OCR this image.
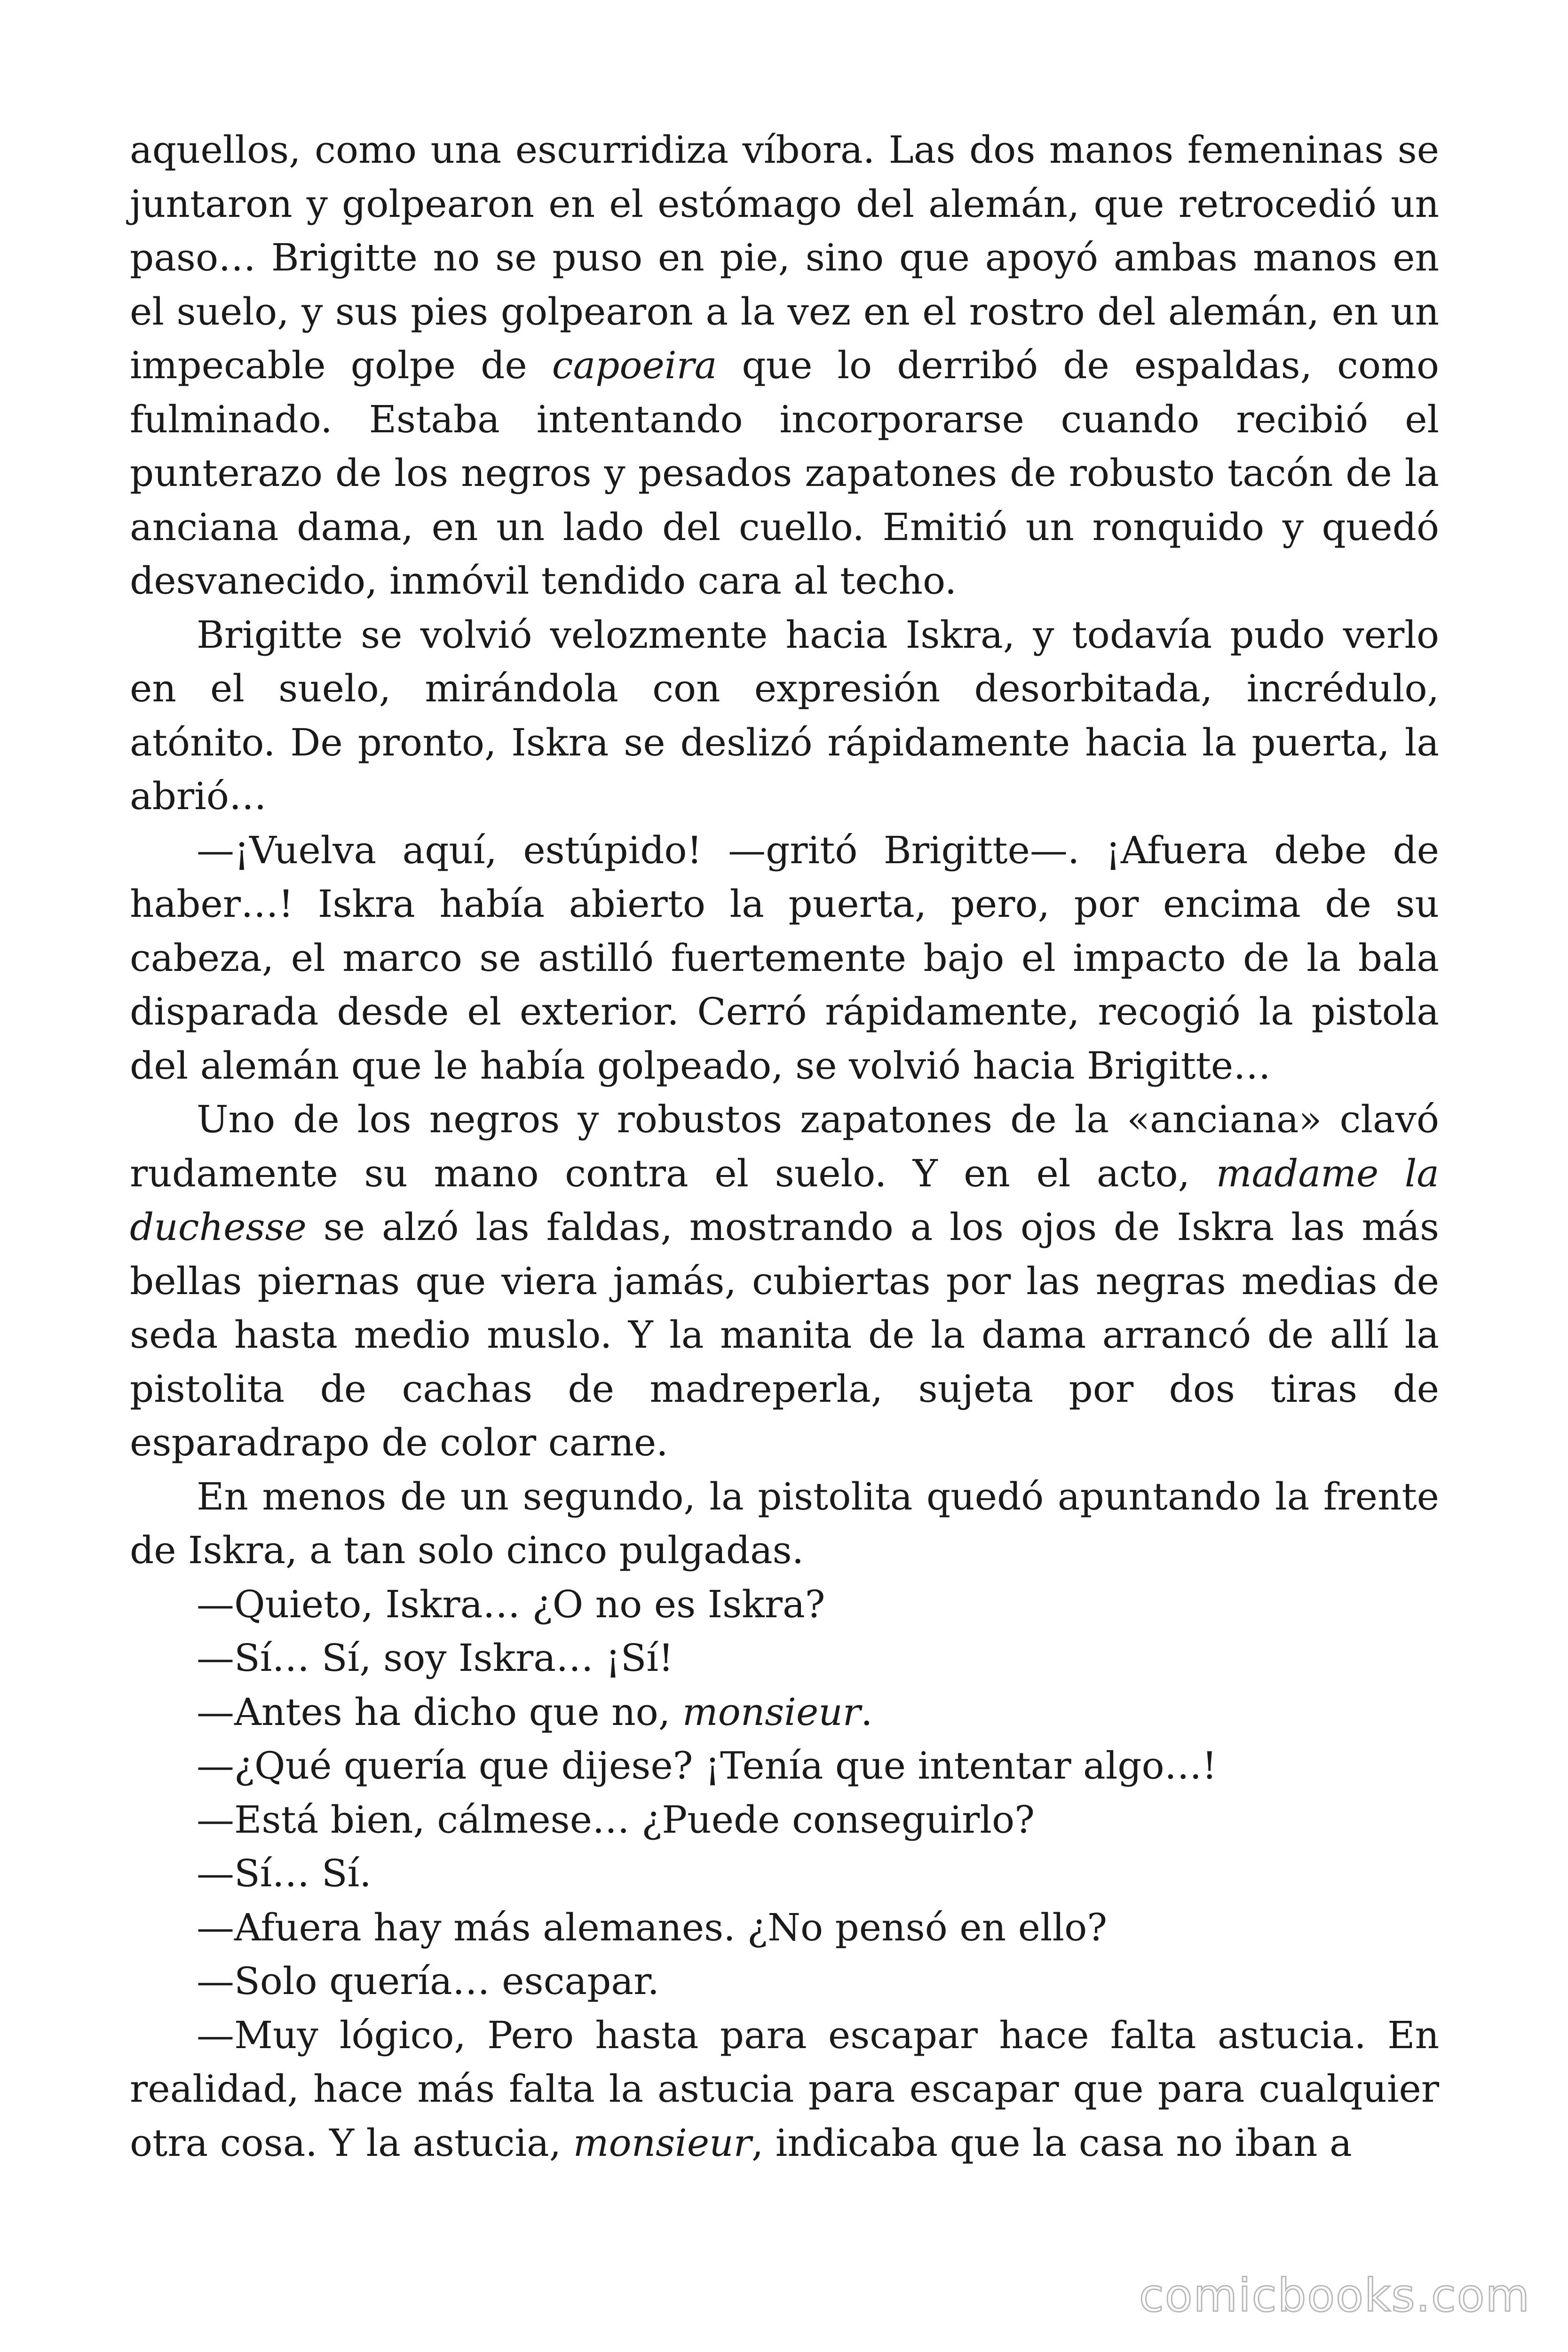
aquellos, como una escurridiza víbora. Las dos manos femeninas se juntaron y golpearon en el estómago del alemán, que retrocedió un paso… Brigitte no se puso en pie, sino que apoyó ambas manos en el suelo, y sus pies golpearon a la vez en el rostro del alemán, en un impecable golpe de capoeira que lo derribó de espaldas, como fulminado. Estaba intentando incorporarse cuando recibió el punterazo de los negros y pesados zapatones de robusto tacón de la anciana dama, en un lado del cuello. Emitió un ronquido y quedó desvanecido, inmóvil tendido cara al techo.

Brigitte se volvió velozmente hacia Iskra, y todavía pudo verlo en el suelo, mirándola con expresión desorbitada, incrédulo, atónito. De pronto, Iskra se deslizó rápidamente hacia la puerta, la abrió…

—¡Vuelva aquí, estúpido! —gritó Brigitte—. ¡Afuera debe de haber…! Iskra había abierto la puerta, pero, por encima de su cabeza, el marco se astilló fuertemente bajo el impacto de la bala disparada desde el exterior. Cerró rápidamente, recogió la pistola del alemán que le había golpeado, se volvió hacia Brigitte…

Uno de los negros y robustos zapatones de la «anciana» clavó rudamente su mano contra el suelo. Y en el acto, madame la duchesse se alzó las faldas, mostrando a los ojos de Iskra las más bellas piernas que viera jamás, cubiertas por las negras medias de seda hasta medio muslo. Y la manita de la dama arrancó de allí la pistolita de cachas de madreperla, sujeta por dos tiras de esparadrapo de color carne.

En menos de un segundo, la pistolita quedó apuntando la frente de Iskra, a tan solo cinco pulgadas.

—Quieto, Iskra… ¿O no es Iskra?

—Sí… Sí, soy Iskra… ¡Sí!

—Antes ha dicho que no, monsieur.

—¿Qué quería que dijese? ¡Tenía que intentar algo…!

—Está bien, cálmese… ¿Puede conseguirlo?

—Sí… Sí.

—Afuera hay más alemanes. ¿No pensó en ello?

—Solo quería… escapar.

—Muy lógico, Pero hasta para escapar hace falta astucia. En realidad, hace más falta la astucia para escapar que para cualquier otra cosa. Y la astucia, monsieur, indicaba que la casa no iban a

comicbooks.com
